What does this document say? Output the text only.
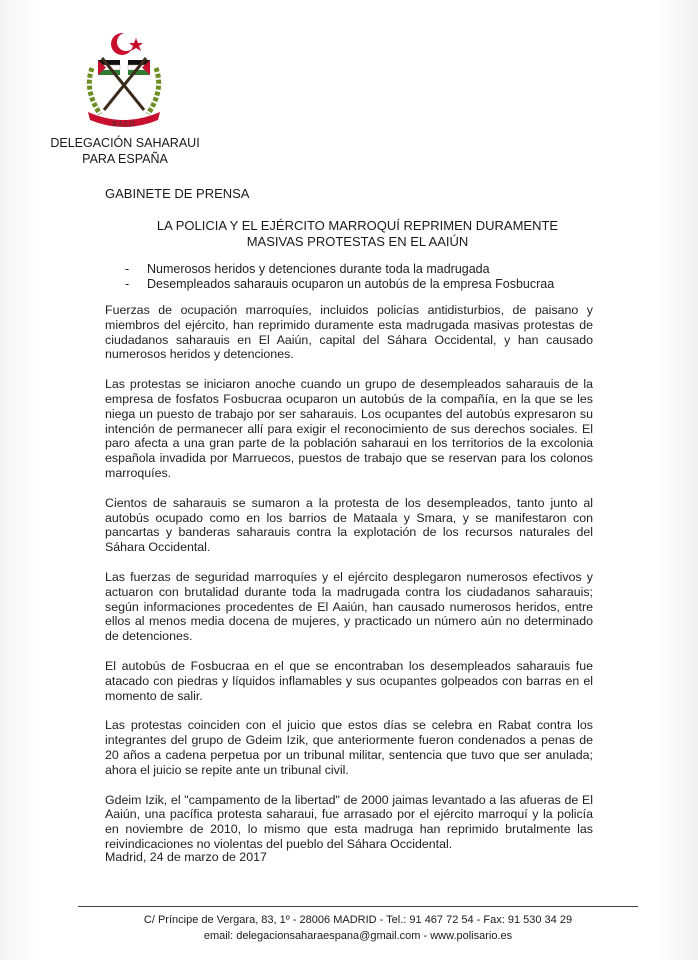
R.A.S.D.
DELEGACIÓN SAHARAUI
PARA ESPAÑA
GABINETE DE PRENSA
LA POLICIA Y EL EJÉRCITO MARROQUÍ REPRIMEN DURAMENTE
MASIVAS PROTESTAS EN EL AAIÚN
-	Numerosos heridos y detenciones durante toda la madrugada
-	Desempleados saharauis ocuparon un autobús de la empresa Fosbucraa

Fuerzas de ocupación marroquíes, incluidos policías antidisturbios, de paisano y miembros del ejército, han reprimido duramente esta madrugada masivas protestas de ciudadanos saharauis en El Aaiún, capital del Sáhara Occidental, y han causado numerosos heridos y detenciones.

Las protestas se iniciaron anoche cuando un grupo de desempleados saharauis de la empresa de fosfatos Fosbucraa ocuparon un autobús de la compañía, en la que se les niega un puesto de trabajo por ser saharauis. Los ocupantes del autobús expresaron su intención de permanecer allí para exigir el reconocimiento de sus derechos sociales. El paro afecta a una gran parte de la población saharaui en los territorios de la excolonia española invadida por Marruecos, puestos de trabajo que se reservan para los colonos marroquíes.

Cientos de saharauis se sumaron a la protesta de los desempleados, tanto junto al autobús ocupado como en los barrios de Mataala y Smara, y se manifestaron con pancartas y banderas saharauis contra la explotación de los recursos naturales del Sáhara Occidental.

Las fuerzas de seguridad marroquíes y el ejército desplegaron numerosos efectivos y actuaron con brutalidad durante toda la madrugada contra los ciudadanos saharauis; según informaciones procedentes de El Aaiún, han causado numerosos heridos, entre ellos al menos media docena de mujeres, y practicado un número aún no determinado de detenciones.

El autobús de Fosbucraa en el que se encontraban los desempleados saharauis fue atacado con piedras y líquidos inflamables y sus ocupantes golpeados con barras en el momento de salir.

Las protestas coinciden con el juicio que estos días se celebra en Rabat contra los integrantes del grupo de Gdeim Izik, que anteriormente fueron condenados a penas de 20 años a cadena perpetua por un tribunal militar, sentencia que tuvo que ser anulada; ahora el juicio se repite ante un tribunal civil.

Gdeim Izik, el "campamento de la libertad" de 2000 jaimas levantado a las afueras de El Aaiún, una pacífica protesta saharaui, fue arrasado por el ejército marroquí y la policía en noviembre de 2010, lo mismo que esta madruga han reprimido brutalmente las reivindicaciones no violentas del pueblo del Sáhara Occidental.

Madrid, 24 de marzo de 2017
C/ Príncipe de Vergara, 83, 1º - 28006 MADRID - Tel.: 91 467 72 54 - Fax: 91 530 34 29
email: delegacionsaharaespana@gmail.com - www.polisario.es
